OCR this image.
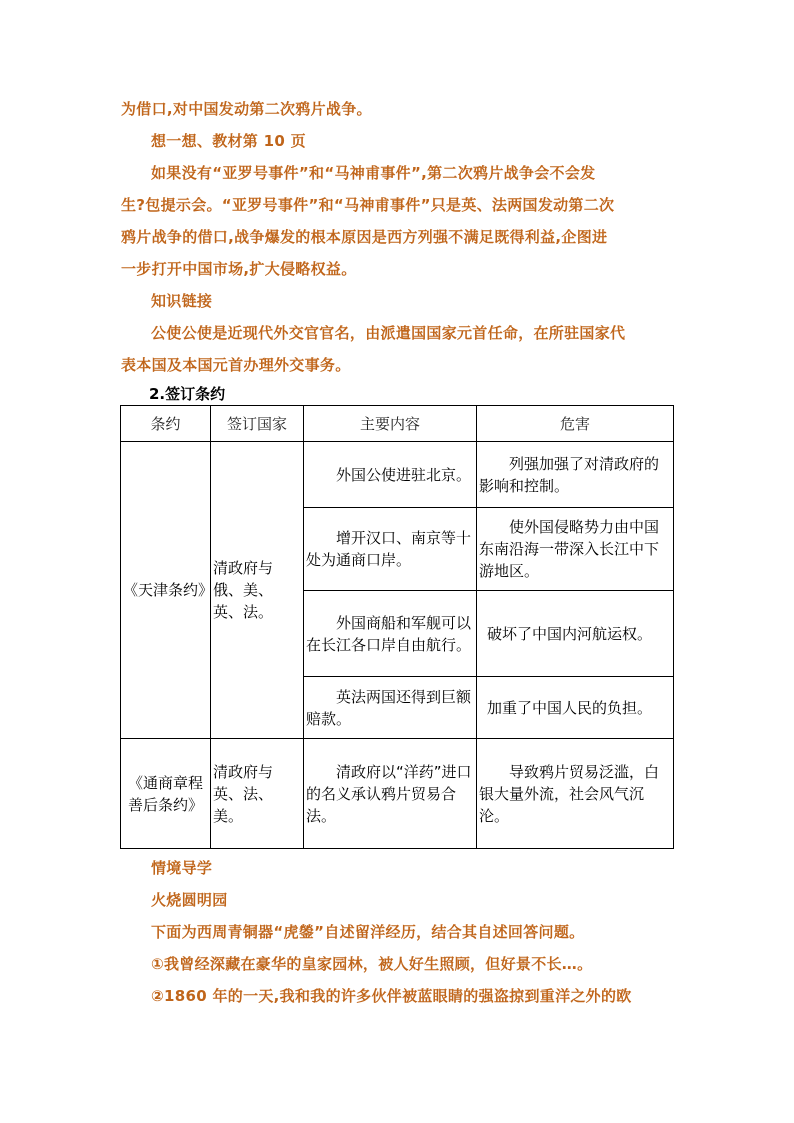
为借口,对中国发动第二次鸦片战争。
想一想、教材第 10 页
如果没有“亚罗号事件”和“马神甫事件”,第二次鸦片战争会不会发
生?包提示会。“亚罗号事件”和“马神甫事件”只是英、法两国发动第二次
鸦片战争的借口,战争爆发的根本原因是西方列强不满足既得利益,企图进
一步打开中国市场,扩大侵略权益。
知识链接
公使公使是近现代外交官官名，由派遣国国家元首任命，在所驻国家代
表本国及本国元首办理外交事务。
2.签订条约
条约	签订国家	主要内容	危害
《天津条约》	清政府与俄、美、英、法。	外国公使进驻北京。	列强加强了对清政府的影响和控制。
		增开汉口、南京等十处为通商口岸。	使外国侵略势力由中国东南沿海一带深入长江中下游地区。
		外国商船和军舰可以在长江各口岸自由航行。	破坏了中国内河航运权。
		英法两国还得到巨额赔款。	加重了中国人民的负担。
《通商章程善后条约》	清政府与英、法、美。	清政府以“洋药”进口的名义承认鸦片贸易合法。	导致鸦片贸易泛滥，白银大量外流，社会风气沉沦。
情境导学
火烧圆明园
下面为西周青铜器“虎鎣”自述留洋经历，结合其自述回答问题。
①我曾经深藏在豪华的皇家园林，被人好生照顾，但好景不长…。
②1860 年的一天,我和我的许多伙伴被蓝眼睛的强盗掠到重洋之外的欧
